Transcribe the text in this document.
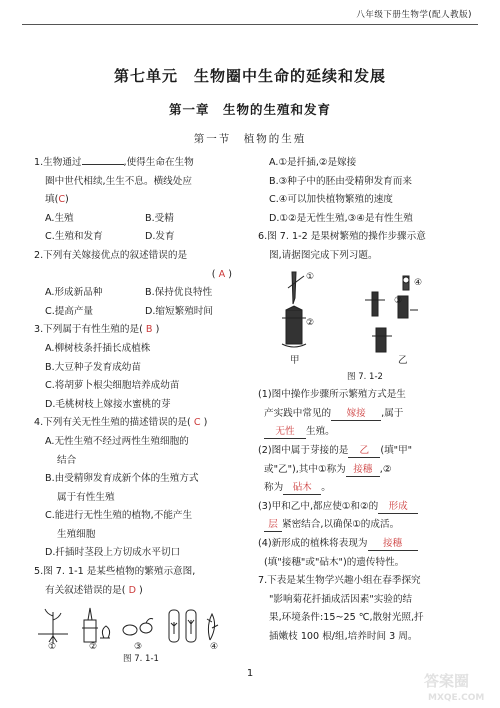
八年级下册生物学(配人教版)
第七单元　生物圈中生命的延续和发展
第一章　生物的生殖和发育
第一节　植物的生殖
1.生物通过	,使得生命在生物
圈中世代相续,生生不息。横线处应
填(C)
A.生殖	B.受精
C.生殖和发育	D.发育
2.下列有关嫁接优点的叙述错误的是
( A )

A.形成新品种	B.保持优良特性
C.提高产量	D.缩短繁殖时间
3.下列属于有性生殖的是( B )
A.柳树枝条扦插长成植株
B.大豆种子发育成幼苗
C.将胡萝卜根尖细胞培养成幼苗
D.毛桃树枝上嫁接水蜜桃的芽
4.下列有关无性生殖的描述错误的是( C )
A.无性生殖不经过两性生殖细胞的
结合
B.由受精卵发育成新个体的生殖方式
属于有性生殖
C.能进行无性生殖的植物,不能产生
生殖细胞
D.扦插时茎段上方切成水平切口
5.图 7. 1-1 是某些植物的繁殖示意图,
有关叙述错误的是( D )
①	②	③	④
图 7. 1-1
A.①是扦插,②是嫁接
B.③种子中的胚由受精卵发育而来
C.④可以加快植物繁殖的速度
D.①②是无性生殖,③④是有性生殖
6.图 7. 1-2 是果树繁殖的操作步骤示意
图,请据图完成下列习题。
①
②
③
④
甲	乙
图 7. 1-2
(1)图中操作步骤所示繁殖方式是生
产实践中常见的 嫁接 ,属于
无性 生殖。
(2)图中属于芽接的是 乙 (填"甲"
或"乙"),其中①称为 接穗 ,②
称为 砧木 。
(3)甲和乙中,都应使①和②的 形成
层 紧密结合,以确保①的成活。
(4)新形成的植株将表现为 接穗
(填"接穗"或"砧木")的遗传特性。
7.下表是某生物学兴趣小组在春季探究
"影响菊花扦插成活因素"实验的结
果,环境条件:15~25 ℃,散射光照,扦
插嫩枝 100 根/组,培养时间 3 周。
1	答案圈
MXQE.COM
